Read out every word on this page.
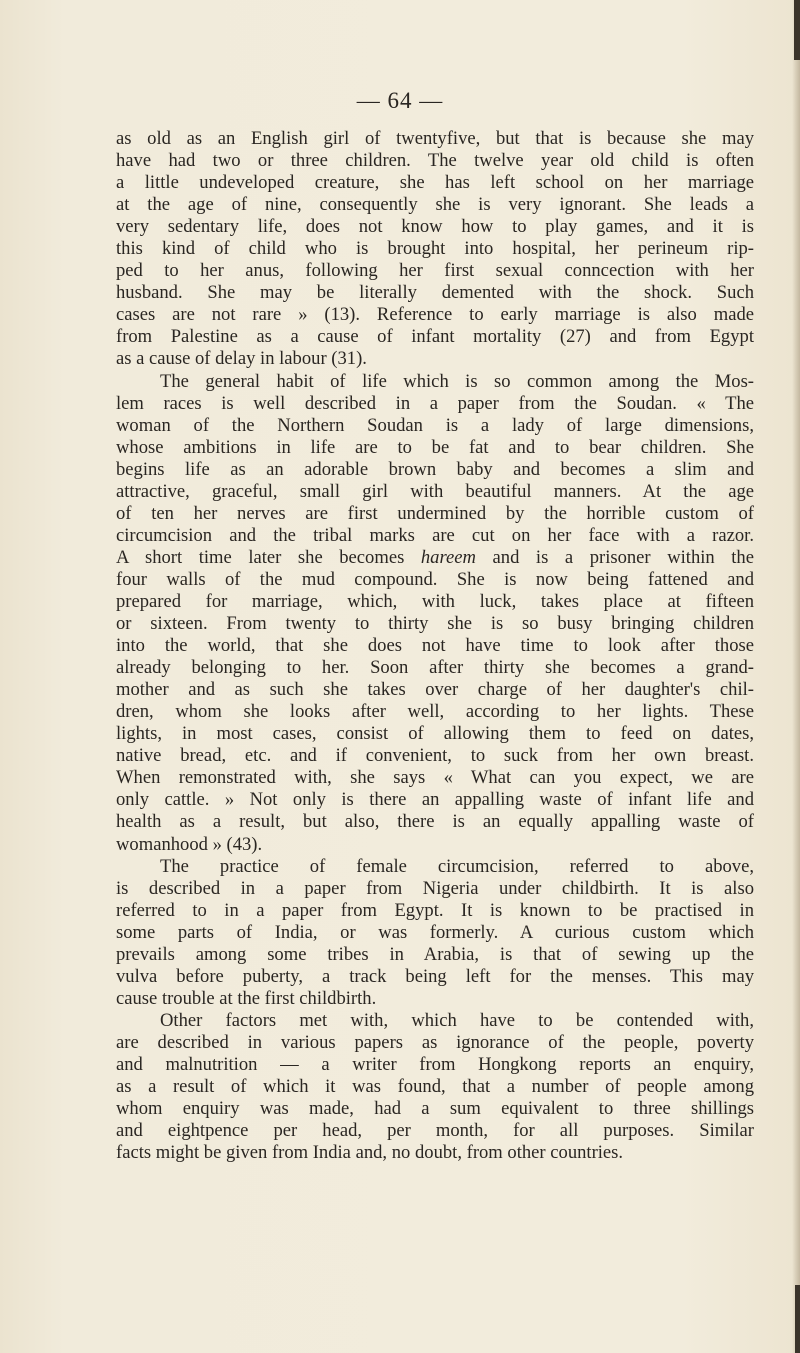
— 64 —
as old as an English girl of twentyfive, but that is because she may
have had two or three children. The twelve year old child is often
a little undeveloped creature, she has left school on her marriage
at the age of nine, consequently she is very ignorant. She leads a
very sedentary life, does not know how to play games, and it is
this kind of child who is brought into hospital, her perineum rip-
ped to her anus, following her first sexual conncection with her
husband. She may be literally demented with the shock. Such
cases are not rare » (13). Reference to early marriage is also made
from Palestine as a cause of infant mortality (27) and from Egypt
as a cause of delay in labour (31).
The general habit of life which is so common among the Mos-
lem races is well described in a paper from the Soudan. « The
woman of the Northern Soudan is a lady of large dimensions,
whose ambitions in life are to be fat and to bear children. She
begins life as an adorable brown baby and becomes a slim and
attractive, graceful, small girl with beautiful manners. At the age
of ten her nerves are first undermined by the horrible custom of
circumcision and the tribal marks are cut on her face with a razor.
A short time later she becomes hareem and is a prisoner within the
four walls of the mud compound. She is now being fattened and
prepared for marriage, which, with luck, takes place at fifteen
or sixteen. From twenty to thirty she is so busy bringing children
into the world, that she does not have time to look after those
already belonging to her. Soon after thirty she becomes a grand-
mother and as such she takes over charge of her daughter's chil-
dren, whom she looks after well, according to her lights. These
lights, in most cases, consist of allowing them to feed on dates,
native bread, etc. and if convenient, to suck from her own breast.
When remonstrated with, she says « What can you expect, we are
only cattle. » Not only is there an appalling waste of infant life and
health as a result, but also, there is an equally appalling waste of
womanhood » (43).
The practice of female circumcision, referred to above,
is described in a paper from Nigeria under childbirth. It is also
referred to in a paper from Egypt. It is known to be practised in
some parts of India, or was formerly. A curious custom which
prevails among some tribes in Arabia, is that of sewing up the
vulva before puberty, a track being left for the menses. This may
cause trouble at the first childbirth.
Other factors met with, which have to be contended with,
are described in various papers as ignorance of the people, poverty
and malnutrition — a writer from Hongkong reports an enquiry,
as a result of which it was found, that a number of people among
whom enquiry was made, had a sum equivalent to three shillings
and eightpence per head, per month, for all purposes. Similar
facts might be given from India and, no doubt, from other countries.
